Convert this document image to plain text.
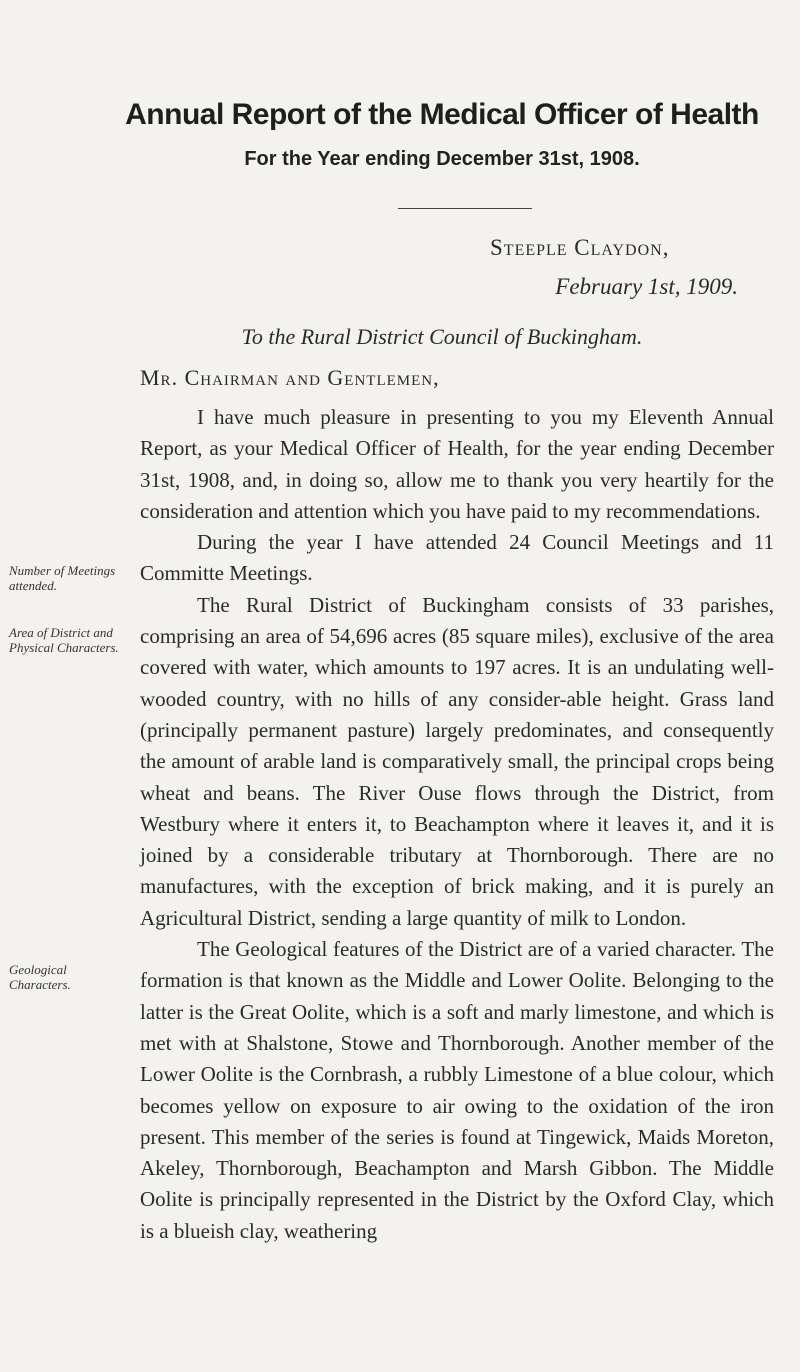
Annual Report of the Medical Officer of Health
For the Year ending December 31st, 1908.
Steeple Claydon,
February 1st, 1909.
To the Rural District Council of Buckingham.
Mr. Chairman and Gentlemen,

I have much pleasure in presenting to you my Eleventh Annual Report, as your Medical Officer of Health, for the year ending December 31st, 1908, and, in doing so, allow me to thank you very heartily for the consideration and attention which you have paid to my recommendations.

During the year I have attended 24 Council Meetings and 11 Committe Meetings.

The Rural District of Buckingham consists of 33 parishes, comprising an area of 54,696 acres (85 square miles), exclusive of the area covered with water, which amounts to 197 acres. It is an undulating well-wooded country, with no hills of any consider-able height. Grass land (principally permanent pasture) largely predominates, and consequently the amount of arable land is comparatively small, the principal crops being wheat and beans. The River Ouse flows through the District, from Westbury where it enters it, to Beachampton where it leaves it, and it is joined by a considerable tributary at Thornborough. There are no manufactures, with the exception of brick making, and it is purely an Agricultural District, sending a large quantity of milk to London.

The Geological features of the District are of a varied character. The formation is that known as the Middle and Lower Oolite. Belonging to the latter is the Great Oolite, which is a soft and marly limestone, and which is met with at Shalstone, Stowe and Thornborough. Another member of the Lower Oolite is the Cornbrash, a rubbly Limestone of a blue colour, which becomes yellow on exposure to air owing to the oxidation of the iron present. This member of the series is found at Tingewick, Maids Moreton, Akeley, Thornborough, Beachampton and Marsh Gibbon. The Middle Oolite is principally represented in the District by the Oxford Clay, which is a blueish clay, weathering

Number of Meetings attended.
Area of District and Physical Characters.
Geological Characters.
